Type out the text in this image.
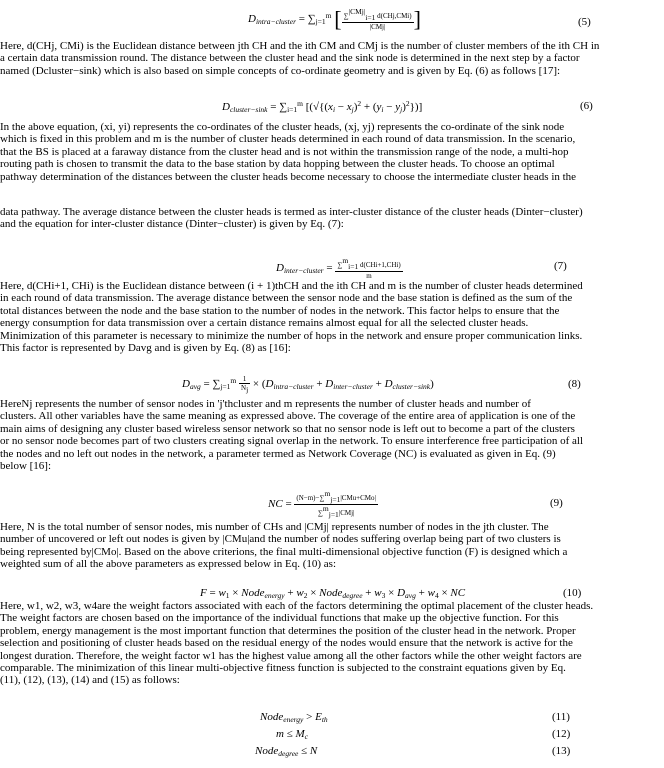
$D_{intra-cluster} = \sum_{j=1}^m$ [ $\frac{\text{∑|CMj|i=1 d(CHj,CMi)}}{\text{|CMj|}}$ ]	(5)
Here, d(CHj, CMi) is the Euclidean distance between jth CH and the ith CM and CMj is the number of cluster members of the ith CH in
a certain data transmission round. The distance between the cluster head and the sink node is determined in the next step by a factor
named (Dcluster−sink) which is also based on simple concepts of co-ordinate geometry and is given by Eq. (6) as follows [17]:
$D_{cluster-sink} = \sum_{i=1}^m$ $[(√\{(x_i - x_j)^2 + (y_i - y_j)^2\})]$	(6)
In the above equation, (xi, yi) represents the co-ordinates of the cluster heads, (xj, yj) represents the co-ordinate of the sink node
which is fixed in this problem and m is the number of cluster heads determined in each round of data transmission. In the scenario,
that the BS is placed at a faraway distance from the cluster head and is not within the transmission range of the node, a multi-hop
routing path is chosen to transmit the data to the base station by data hopping between the cluster heads. To choose an optimal
pathway determination of the distances between the cluster heads become necessary to choose the intermediate cluster heads in the
data pathway. The average distance between the cluster heads is termed as inter-cluster distance of the cluster heads (Dinter−cluster)
and the equation for inter-cluster distance (Dinter−cluster) is given by Eq. (7):
$D_{inter-cluster} = \frac{\text{∑mi=1 d(CHi+1,CHi)}}{m}$	(7)
Here, d(CHi+1, CHi) is the Euclidean distance between (i + 1)thCH and the ith CH and m is the number of cluster heads determined
in each round of data transmission. The average distance between the sensor node and the base station is defined as the sum of the
total distances between the node and the base station to the number of nodes in the network. This factor helps to ensure that the
energy consumption for data transmission over a certain distance remains almost equal for all the selected cluster heads.
Minimization of this parameter is necessary to minimize the number of hops in the network and ensure proper communication links.
This factor is represented by Davg and is given by Eq. (8) as [16]:
$D_{avg} = \sum_{j=1}^m \frac{1}{Nj} \times (D_{intra-cluster} + D_{inter-cluster} + D_{cluster-sink})$	(8)
HereNj represents the number of sensor nodes in 'j'thcluster and m represents the number of cluster heads and number of
clusters. All other variables have the same meaning as expressed above. The coverage of the entire area of application is one of the
main aims of designing any cluster based wireless sensor network so that no sensor node is left out to become a part of the clusters
or no sensor node becomes part of two clusters creating signal overlap in the network. To ensure interference free participation of all
the nodes and no left out nodes in the network, a parameter termed as Network Coverage (NC) is evaluated as given in Eq. (9)
below [16]:
NC = $\frac{\text{(N−m)−∑mj=1|CMu+CMo|}}{\text{∑mj=1|CMj|}}$	(9)
Here, N is the total number of sensor nodes, mis number of CHs and |CMj| represents number of nodes in the jth cluster. The
number of uncovered or left out nodes is given by |CMu|and the number of nodes suffering overlap being part of two clusters is
being represented by|CMo|. Based on the above criterions, the final multi-dimensional objective function (F) is designed which a
weighted sum of all the above parameters as expressed below in Eq. (10) as:
$F = w_1$ × Node$_{energy}$ + $w_2$ × Node$_{degree}$ + $w_3 \times D_{avg} + w_4$ × NC	(10)
Here, w1, w2, w3, w4are the weight factors associated with each of the factors determining the optimal placement of the cluster heads.
The weight factors are chosen based on the importance of the individual functions that make up the objective function. For this
problem, energy management is the most important function that determines the position of the cluster head in the network. Proper
selection and positioning of cluster heads based on the residual energy of the nodes would ensure that the network is active for the
longest duration. Therefore, the weight factor w1 has the highest value among all the other factors while the other weight factors are
comparable. The minimization of this linear multi-objective fitness function is subjected to the constraint equations given by Eq.
(11), (12), (13), (14) and (15) as follows:
Node$_{energy}$ > $E_{th}$	(11)
$m \le M_c$	(12)
Node$_{degree}$ ≤ N	(13)
